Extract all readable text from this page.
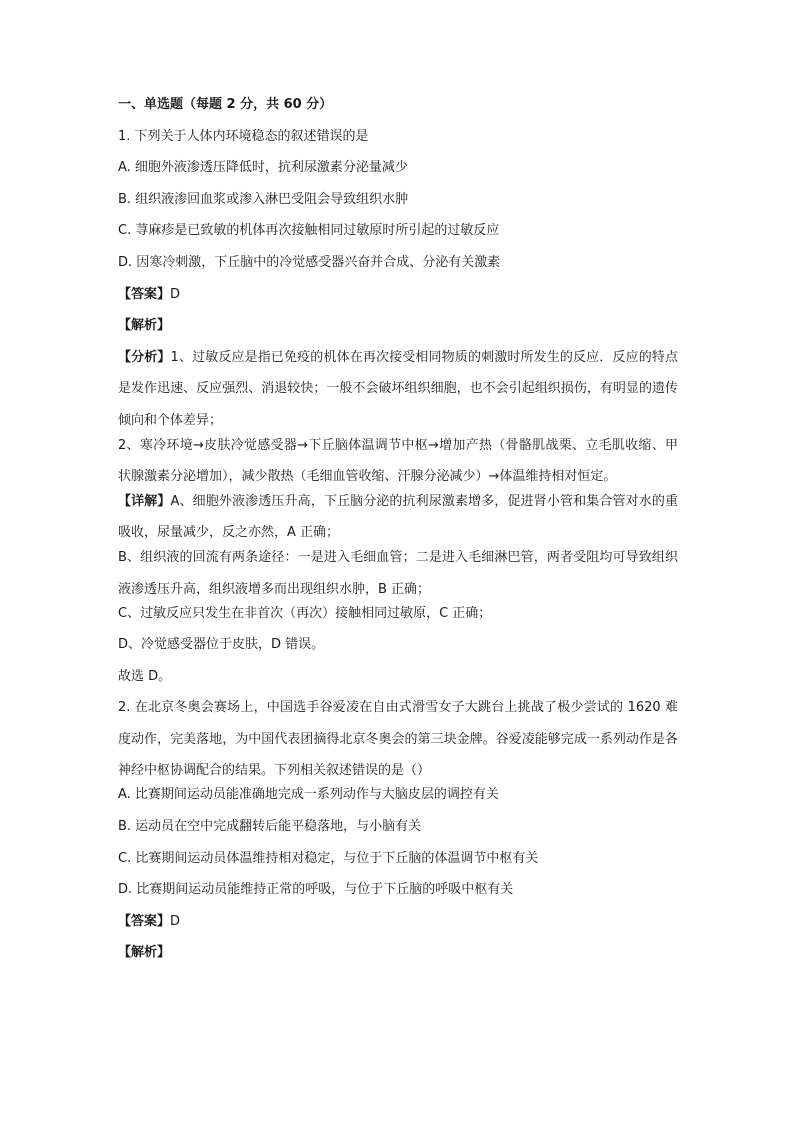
一、单选题（每题 2 分，共 60 分）
1. 下列关于人体内环境稳态的叙述错误的是
A. 细胞外液渗透压降低时，抗利尿激素分泌量减少
B. 组织液渗回血浆或渗入淋巴受阻会导致组织水肿
C. 荨麻疹是已致敏的机体再次接触相同过敏原时所引起的过敏反应
D. 因寒冷刺激，下丘脑中的冷觉感受器兴奋并合成、分泌有关激素
【答案】D
【解析】
【分析】1、过敏反应是指已免疫的机体在再次接受相同物质的刺激时所发生的反应．反应的特点是发作迅速、反应强烈、消退较快；一般不会破坏组织细胞，也不会引起组织损伤，有明显的遗传倾向和个体差异；
2、寒冷环境→皮肤冷觉感受器→下丘脑体温调节中枢→增加产热（骨骼肌战栗、立毛肌收缩、甲状腺激素分泌增加），减少散热（毛细血管收缩、汗腺分泌减少）→体温维持相对恒定。
【详解】A、细胞外液渗透压升高，下丘脑分泌的抗利尿激素增多，促进肾小管和集合管对水的重吸收，尿量减少，反之亦然，A 正确；
B、组织液的回流有两条途径：一是进入毛细血管；二是进入毛细淋巴管，两者受阻均可导致组织液渗透压升高，组织液增多而出现组织水肿，B 正确；
C、过敏反应只发生在非首次（再次）接触相同过敏原，C 正确；
D、冷觉感受器位于皮肤，D 错误。
故选 D。
2. 在北京冬奥会赛场上，中国选手谷爱凌在自由式滑雪女子大跳台上挑战了极少尝试的 1620 难度动作，完美落地，为中国代表团摘得北京冬奥会的第三块金牌。谷爱凌能够完成一系列动作是各神经中枢协调配合的结果。下列相关叙述错误的是（）
A. 比赛期间运动员能准确地完成一系列动作与大脑皮层的调控有关
B. 运动员在空中完成翻转后能平稳落地，与小脑有关
C. 比赛期间运动员体温维持相对稳定，与位于下丘脑的体温调节中枢有关
D. 比赛期间运动员能维持正常的呼吸，与位于下丘脑的呼吸中枢有关
【答案】D
【解析】
